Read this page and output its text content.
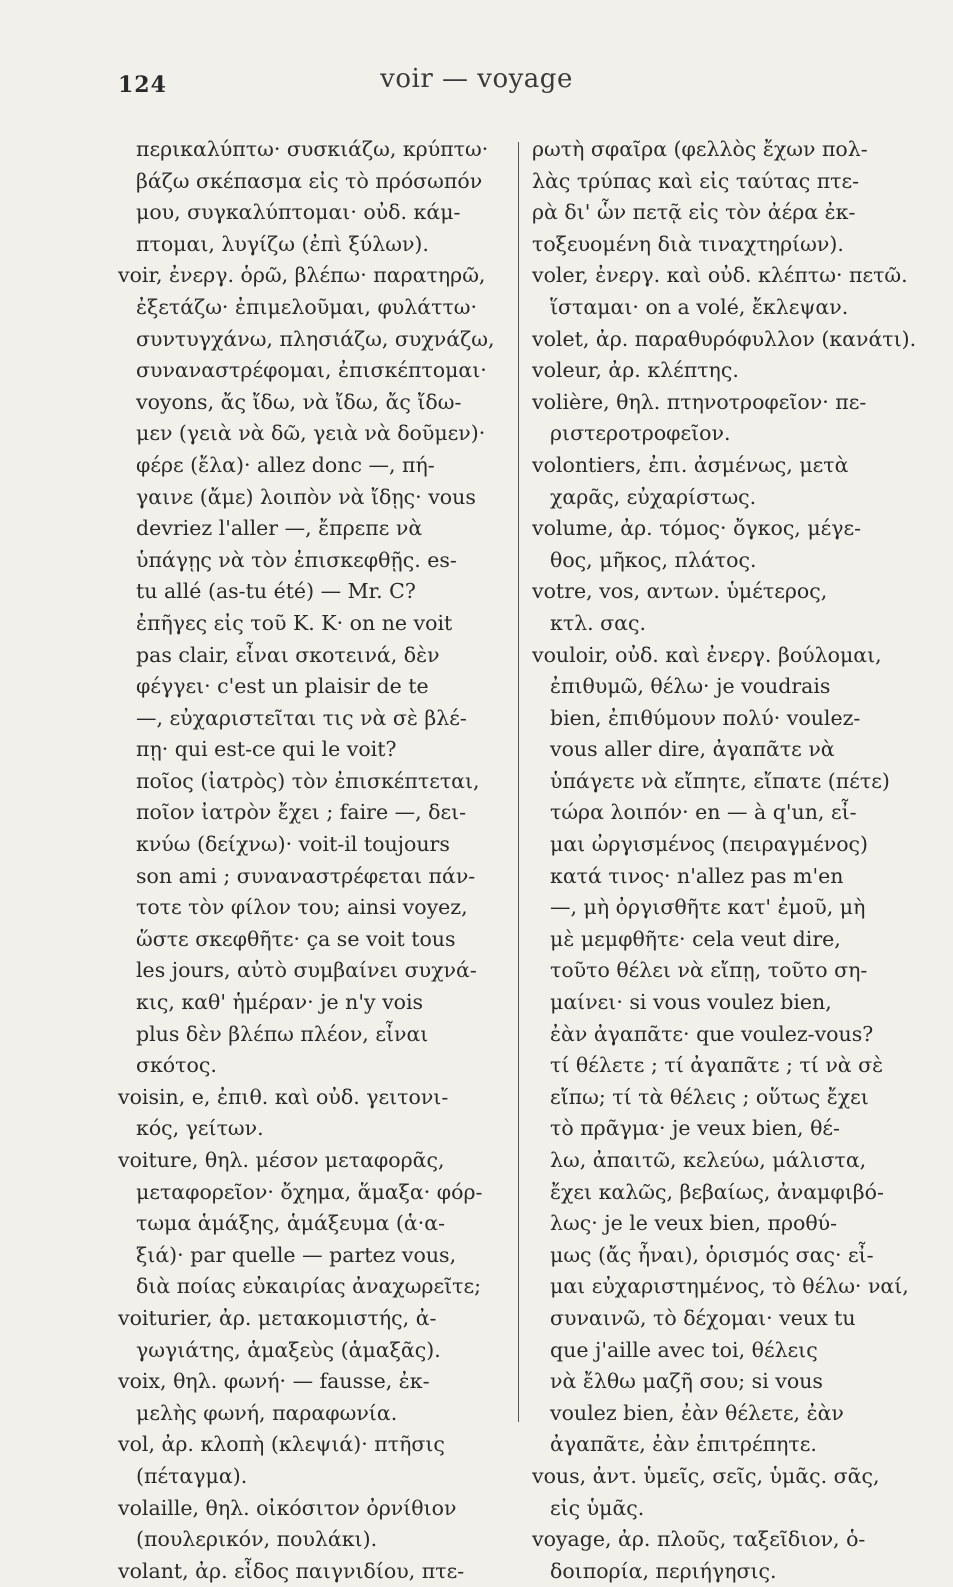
124	voir — voyage
περικαλύπτω· συσκιάζω, κρύπτω·
βάζω σκέπασμα εἰς τὸ πρόσωπόν
μου, συγκαλύπτομαι· οὐδ. κάμ-
πτομαι, λυγίζω (ἐπὶ ξύλων).
voir, ἐνεργ. ὁρῶ, βλέπω· παρατηρῶ,
ἐξετάζω· ἐπιμελοῦμαι, φυλάττω·
συντυγχάνω, πλησιάζω, συχνάζω,
συναναστρέφομαι, ἐπισκέπτομαι·
voyons, ἄς ἴδω, νὰ ἴδω, ἄς ἴδω-
μεν (γειὰ νὰ δῶ, γειὰ νὰ δοῦμεν)·
φέρε (ἔλα)· allez donc —, πή-
γαινε (ἄμε) λοιπὸν νὰ ἴδῃς· vous
devriez l'aller —, ἔπρεπε νὰ
ὑπάγῃς νὰ τὸν ἐπισκεφθῇς. es-
tu allé (as-tu été) — Mr. C?
ἐπῆγες εἰς τοῦ Κ. Κ· on ne voit
pas clair, εἶναι σκοτεινά, δὲν
φέγγει· c'est un plaisir de te
—, εὐχαριστεῖται τις νὰ σὲ βλέ-
πῃ· qui est-ce qui le voit?
ποῖος (ἰατρὸς) τὸν ἐπισκέπτεται,
ποῖον ἰατρὸν ἔχει ; faire —, δει-
κνύω (δείχνω)· voit-il toujours
son ami ; συναναστρέφεται πάν-
τοτε τὸν φίλον του; ainsi voyez,
ὥστε σκεφθῆτε· ça se voit tous
les jours, αὐτὸ συμβαίνει συχνά-
κις, καθ' ἡμέραν· je n'y vois
plus δὲν βλέπω πλέον, εἶναι
σκότος.
voisin, e, ἐπιθ. καὶ οὐδ. γειτονι-
κός, γείτων.
voiture, θηλ. μέσον μεταφορᾶς,
μεταφορεῖον· ὄχημα, ἅμαξα· φόρ-
τωμα ἁμάξης, ἁμάξευμα (ἁ·α-
ξιά)· par quelle — partez vous,
διὰ ποίας εὐκαιρίας ἀναχωρεῖτε;
voiturier, ἀρ. μετακομιστής, ἀ-
γωγιάτης, ἁμαξεὺς (ἁμαξᾶς).
voix, θηλ. φωνή· — fausse, ἐκ-
μελὴς φωνή, παραφωνία.
vol, ἀρ. κλοπὴ (κλεψιά)· πτῆσις
(πέταγμα).
volaille, θηλ. οἰκόσιτον ὀρνίθιον
(πουλερικόν, πουλάκι).
volant, ἀρ. εἶδος παιγνιδίου, πτε-
ρωτὴ σφαῖρα (φελλὸς ἔχων πολ-
λὰς τρύπας καὶ εἰς ταύτας πτε-
ρὰ δι' ὧν πετᾷ εἰς τὸν ἀέρα ἐκ-
τοξευομένη διὰ τιναχτηρίων).
voler, ἐνεργ. καὶ οὐδ. κλέπτω· πετῶ.
ἵσταμαι· on a volé, ἔκλεψαν.
volet, ἀρ. παραθυρόφυλλον (κανάτι).
voleur, ἀρ. κλέπτης.
volière, θηλ. πτηνοτροφεῖον· πε-
ριστεροτροφεῖον.
volontiers, ἐπι. ἀσμένως, μετὰ
χαρᾶς, εὐχαρίστως.
volume, ἀρ. τόμος· ὄγκος, μέγε-
θος, μῆκος, πλάτος.
votre, vos, αντων. ὑμέτερος,
κτλ. σας.
vouloir, οὐδ. καὶ ἐνεργ. βούλομαι,
ἐπιθυμῶ, θέλω· je voudrais
bien, ἐπιθύμουν πολύ· voulez-
vous aller dire, ἀγαπᾶτε νὰ
ὑπάγετε νὰ εἴπητε, εἴπατε (πέτε)
τώρα λοιπόν· en — à q'un, εἶ-
μαι ὠργισμένος (πειραγμένος)
κατά τινος· n'allez pas m'en
—, μὴ ὀργισθῆτε κατ' ἐμοῦ, μὴ
μὲ μεμφθῆτε· cela veut dire,
τοῦτο θέλει νὰ εἴπῃ, τοῦτο ση-
μαίνει· si vous voulez bien,
ἐὰν ἀγαπᾶτε· que voulez-vous?
τί θέλετε ; τί ἀγαπᾶτε ; τί νὰ σὲ
εἴπω; τί τὰ θέλεις ; οὕτως ἔχει
τὸ πρᾶγμα· je veux bien, θέ-
λω, ἀπαιτῶ, κελεύω, μάλιστα,
ἔχει καλῶς, βεβαίως, ἀναμφιβό-
λως· je le veux bien, προθύ-
μως (ἄς ἦναι), ὁρισμός σας· εἶ-
μαι εὐχαριστημένος, τὸ θέλω· ναί,
συναινῶ, τὸ δέχομαι· veux tu
que j'aille avec toi, θέλεις
νὰ ἔλθω μαζῆ σου; si vous
voulez bien, ἐὰν θέλετε, ἐὰν
ἀγαπᾶτε, ἐὰν ἐπιτρέπητε.
vous, ἀντ. ὑμεῖς, σεῖς, ὑμᾶς. σᾶς,
εἰς ὑμᾶς.
voyage, ἀρ. πλοῦς, ταξεῖδιον, ὁ-
δοιπορία, περιήγησις.
